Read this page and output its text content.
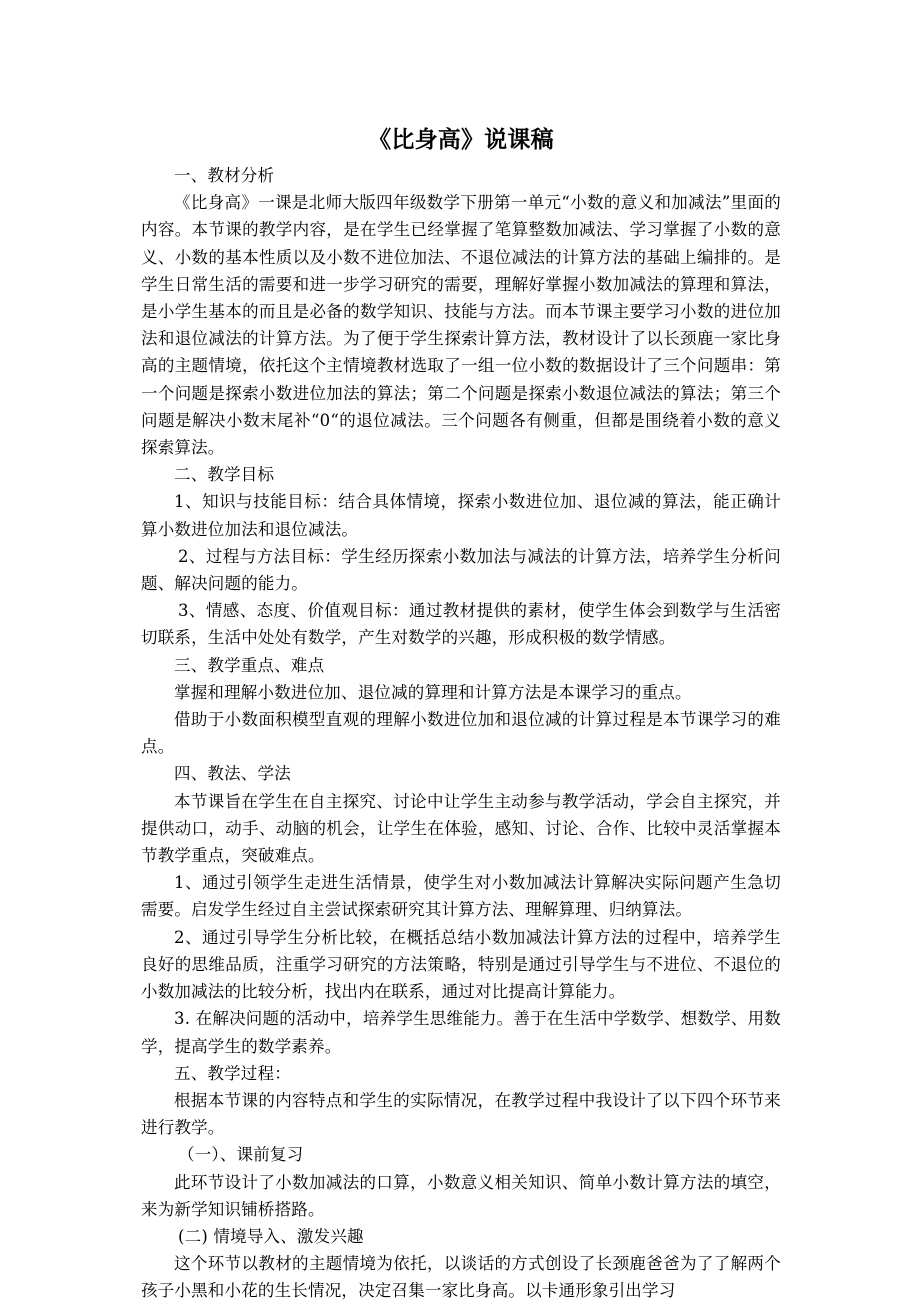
《比身高》说课稿

一、教材分析

《比身高》一课是北师大版四年级数学下册第一单元“小数的意义和加减法”里面的内容。本节课的教学内容，是在学生已经掌握了笔算整数加减法、学习掌握了小数的意义、小数的基本性质以及小数不进位加法、不退位减法的计算方法的基础上编排的。是学生日常生活的需要和进一步学习研究的需要，理解好掌握小数加减法的算理和算法，是小学生基本的而且是必备的数学知识、技能与方法。而本节课主要学习小数的进位加法和退位减法的计算方法。为了便于学生探索计算方法，教材设计了以长颈鹿一家比身高的主题情境，依托这个主情境教材选取了一组一位小数的数据设计了三个问题串：第一个问题是探索小数进位加法的算法；第二个问题是探索小数退位减法的算法；第三个问题是解决小数末尾补“0“的退位减法。三个问题各有侧重，但都是围绕着小数的意义探索算法。

二、教学目标

1、知识与技能目标：结合具体情境，探索小数进位加、退位减的算法，能正确计算小数进位加法和退位减法。

2、过程与方法目标：学生经历探索小数加法与减法的计算方法，培养学生分析问题、解决问题的能力。

3、情感、态度、价值观目标：通过教材提供的素材，使学生体会到数学与生活密切联系，生活中处处有数学，产生对数学的兴趣，形成积极的数学情感。

三、教学重点、难点

掌握和理解小数进位加、退位减的算理和计算方法是本课学习的重点。

借助于小数面积模型直观的理解小数进位加和退位减的计算过程是本节课学习的难点。

四、教法、学法

本节课旨在学生在自主探究、讨论中让学生主动参与教学活动，学会自主探究，并提供动口，动手、动脑的机会，让学生在体验，感知、讨论、合作、比较中灵活掌握本节教学重点，突破难点。

1、通过引领学生走进生活情景，使学生对小数加减法计算解决实际问题产生急切需要。启发学生经过自主尝试探索研究其计算方法、理解算理、归纳算法。

2、通过引导学生分析比较，在概括总结小数加减法计算方法的过程中，培养学生良好的思维品质，注重学习研究的方法策略，特别是通过引导学生与不进位、不退位的小数加减法的比较分析，找出内在联系，通过对比提高计算能力。

3. 在解决问题的活动中，培养学生思维能力。善于在生活中学数学、想数学、用数学，提高学生的数学素养。

五、教学过程：

根据本节课的内容特点和学生的实际情况，在教学过程中我设计了以下四个环节来进行教学。

（一）、课前复习

此环节设计了小数加减法的口算，小数意义相关知识、简单小数计算方法的填空，来为新学知识铺桥搭路。

(二) 情境导入、激发兴趣

这个环节以教材的主题情境为依托，以谈话的方式创设了长颈鹿爸爸为了了解两个孩子小黑和小花的生长情况，决定召集一家比身高。以卡通形象引出学习
